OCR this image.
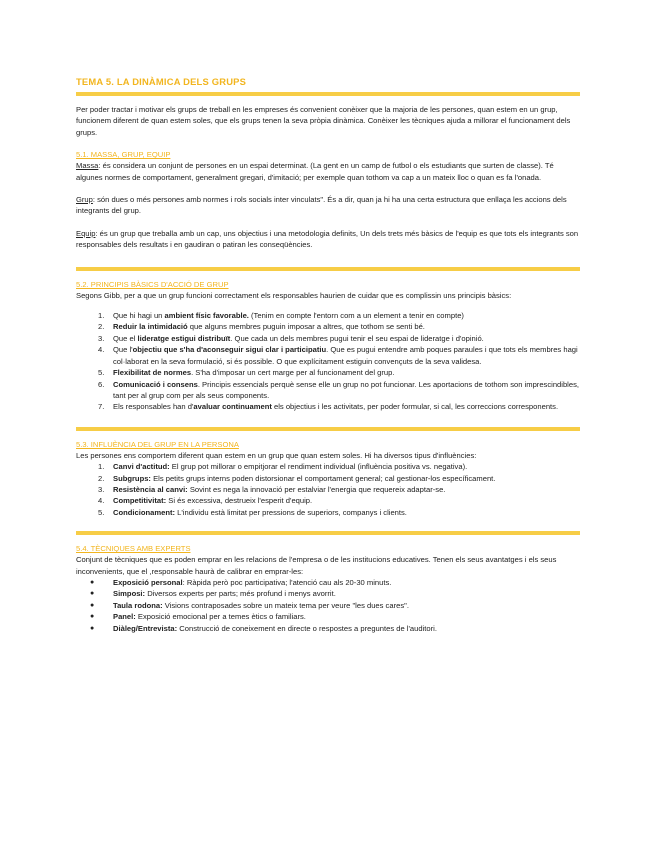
TEMA 5. LA DINÀMICA DELS GRUPS

Per poder tractar i motivar els grups de treball en les empreses és convenient conèixer que la majoria de les persones, quan estem en un grup, funcionem diferent de quan estem soles, que els grups tenen la seva pròpia dinàmica. Conèixer les tècniques ajuda a millorar el funcionament dels grups.

5.1. MASSA, GRUP, EQUIP

Massa: és considera un conjunt de persones en un espai determinat. (La gent en un camp de futbol o els estudiants que surten de classe). Té algunes normes de comportament, generalment gregari, d'imitació; per exemple quan tothom va cap a un mateix lloc o quan es fa l'onada.

Grup: són dues o més persones amb normes i rols socials inter vinculats". És a dir, quan ja hi ha una certa estructura que enllaça les accions dels integrants del grup.

Equip: és un grup que treballa amb un cap, uns objectius i una metodologia definits, Un dels trets més bàsics de l'equip es que tots els integrants son responsables dels resultats i en gaudiran o patiran les conseqüències.

5.2. PRINCIPIS BÀSICS D'ACCIÓ DE GRUP

Segons Gibb, per a que un grup funcioni correctament els responsables haurien de cuidar que es complissin uns principis bàsics:

1. Que hi hagi un ambient físic favorable. (Tenim en compte l'entorn com a un element a tenir en compte)
2. Reduir la intimidació que alguns membres puguin imposar a altres, que tothom se senti bé.
3. Que el lideratge estigui distribuït. Que cada un dels membres pugui tenir el seu espai de lideratge i d'opinió.
4. Que l'objectiu que s'ha d'aconseguir sigui clar i participatiu. Que es pugui entendre amb poques paraules i que tots els membres hagi col·laborat en la seva formulació, si és possible. O que explícitament estiguin convençuts de la seva validesa.
5. Flexibilitat de normes. S'ha d'imposar un cert marge per al funcionament del grup.
6. Comunicació i consens. Principis essencials perquè sense elle un grup no pot funcionar. Les aportacions de tothom son imprescindibles, tant per al grup com per als seus components.
7. Els responsables han d'avaluar continuament els objectius i les activitats, per poder formular, si cal, les correccions corresponents.

5.3. INFLUÈNCIA DEL GRUP EN LA PERSONA

Les persones ens comportem diferent quan estem en un grup que quan estem soles. Hi ha diversos tipus d'influències:

1. Canvi d'actitud: El grup pot millorar o empitjorar el rendiment individual (influència positiva vs. negativa).
2. Subgrups: Els petits grups interns poden distorsionar el comportament general; cal gestionar-los específicament.
3. Resistència al canvi: Sovint es nega la innovació per estalviar l'energia que requereix adaptar-se.
4. Competitivitat: Si és excessiva, destrueix l'esperit d'equip.
5. Condicionament: L'individu està limitat per pressions de superiors, companys i clients.

5.4. TÈCNIQUES AMB EXPERTS

Conjunt de tècniques que es poden emprar en les relacions de l'empresa o de les institucions educatives. Tenen els seus avantatges i els seus inconvenients, que el ,responsable haurà de calibrar en emprar-les:

● Exposició personal: Ràpida però poc participativa; l'atenció cau als 20-30 minuts.
● Simposi: Diversos experts per parts; més profund i menys avorrit.
● Taula rodona: Visions contraposades sobre un mateix tema per veure "les dues cares".
● Panel: Exposició emocional per a temes ètics o familiars.
● Diàleg/Entrevista: Construcció de coneixement en directe o respostes a preguntes de l'auditori.
